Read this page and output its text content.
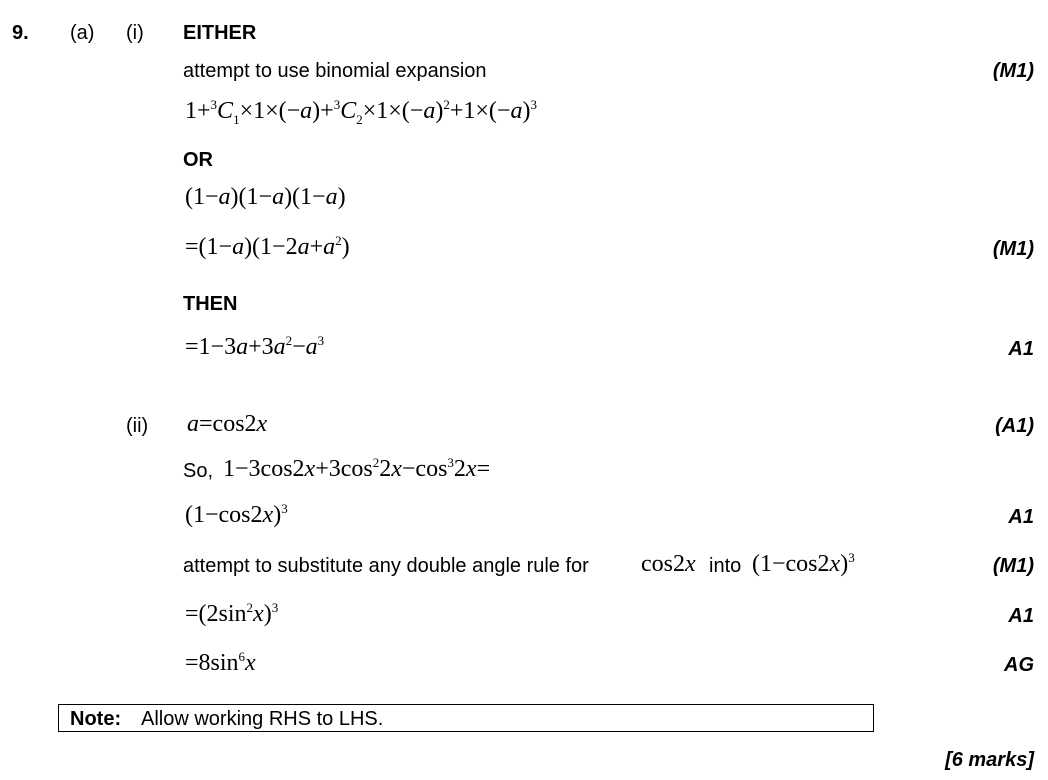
9. (a) (i) EITHER
attempt to use binomial expansion	(M1)
$1+^3C_1\times 1\times(-a)+^3C_2\times 1\times(-a)^2+1\times(-a)^3$
OR
(1−a)(1−a)(1−a)
$=(1-a)(1-2a+a^2)$	(M1)
THEN
$=1-3a+3a^2-a^3$	A1
(ii) a=cos2x	(A1)
So, $1-3\cos 2x+3\cos^22x-\cos^32x=$
$(1-\cos 2x)^3$	A1
attempt to substitute any double angle rule for cos2x into $(1-\cos 2x)^3$	(M1)
$=(2\sin^2x)^3$	A1
$=8\sin^6x$	AG
Note: Allow working RHS to LHS.
[6 marks]
